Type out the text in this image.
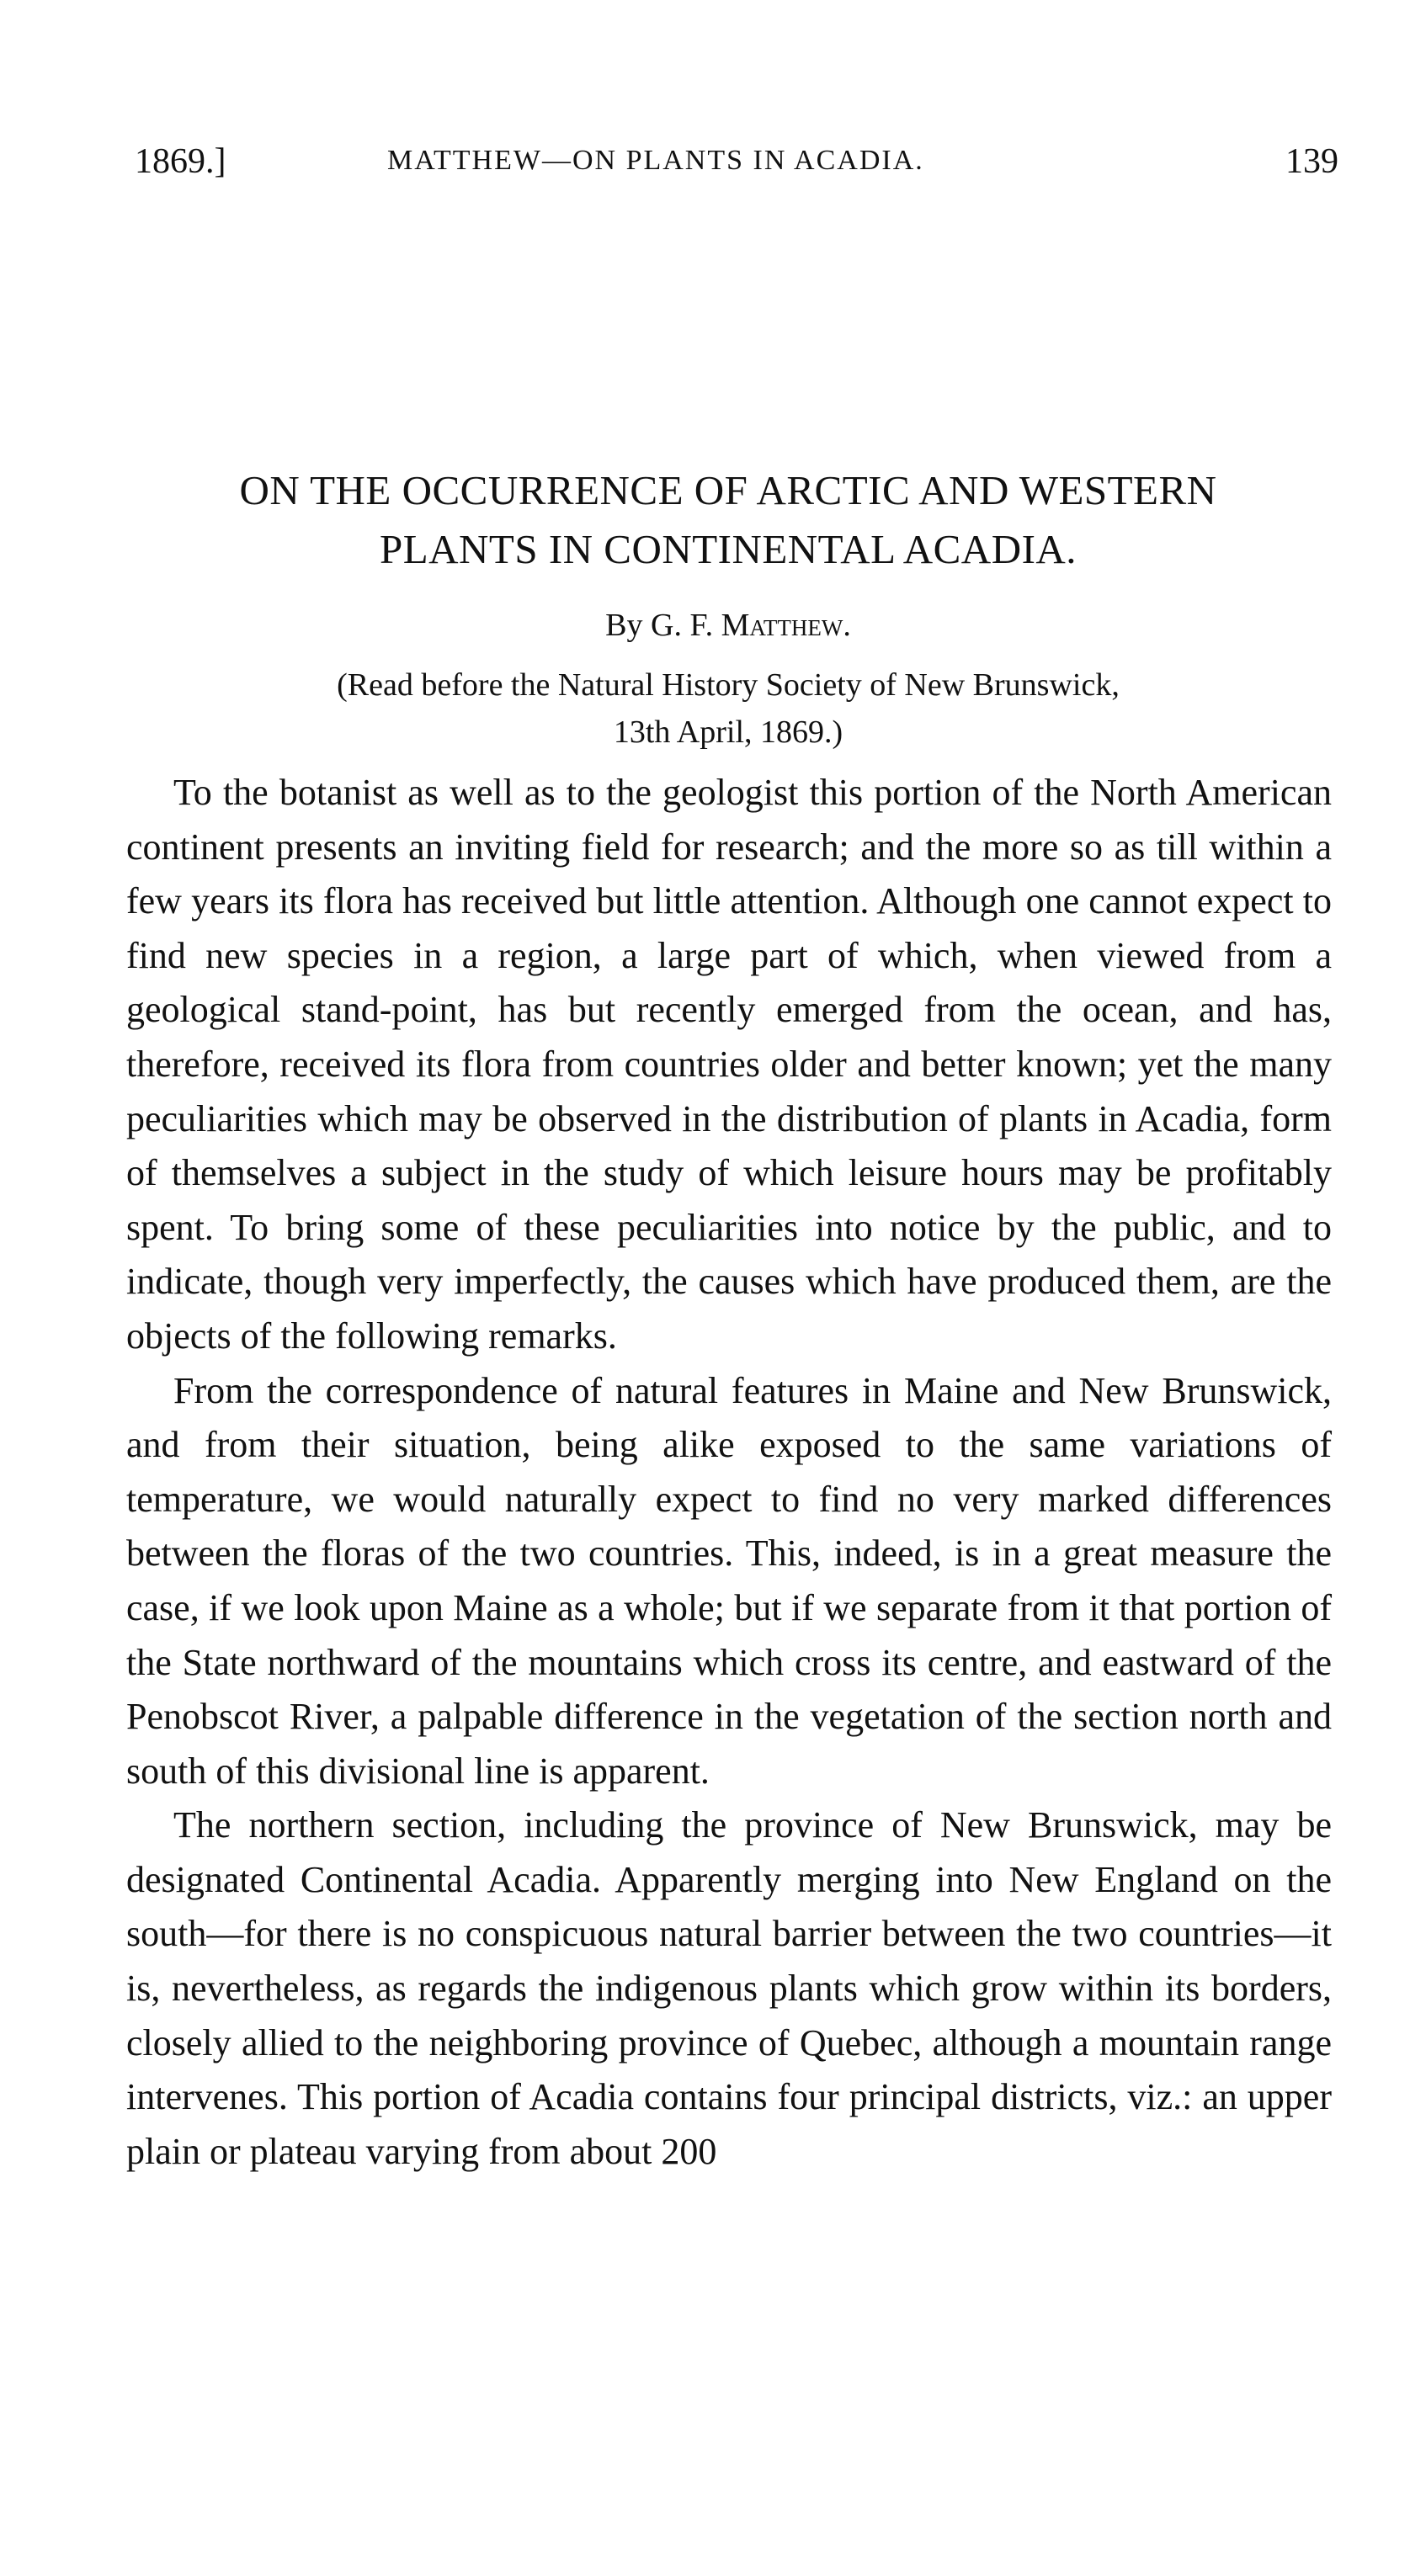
1869.]	MATTHEW—ON PLANTS IN ACADIA.	139
ON THE OCCURRENCE OF ARCTIC AND WESTERN
PLANTS IN CONTINENTAL ACADIA.
By G. F. Matthew.
(Read before the Natural History Society of New Brunswick,
13th April, 1869.)

To the botanist as well as to the geologist this portion of the North American continent presents an inviting field for research; and the more so as till within a few years its flora has received but little attention. Although one cannot expect to find new species in a region, a large part of which, when viewed from a geological stand-point, has but recently emerged from the ocean, and has, therefore, received its flora from countries older and better known; yet the many peculiarities which may be observed in the distribution of plants in Acadia, form of themselves a subject in the study of which leisure hours may be profitably spent. To bring some of these peculiarities into notice by the public, and to indicate, though very imperfectly, the causes which have produced them, are the objects of the following remarks.

From the correspondence of natural features in Maine and New Brunswick, and from their situation, being alike exposed to the same variations of temperature, we would naturally expect to find no very marked differences between the floras of the two countries. This, indeed, is in a great measure the case, if we look upon Maine as a whole; but if we separate from it that portion of the State northward of the mountains which cross its centre, and eastward of the Penobscot River, a palpable difference in the vegetation of the section north and south of this divisional line is apparent.

The northern section, including the province of New Brunswick, may be designated Continental Acadia. Apparently merging into New England on the south—for there is no conspicuous natural barrier between the two countries—it is, nevertheless, as regards the indigenous plants which grow within its borders, closely allied to the neighboring province of Quebec, although a mountain range intervenes. This portion of Acadia contains four principal districts, viz.: an upper plain or plateau varying from about 200
